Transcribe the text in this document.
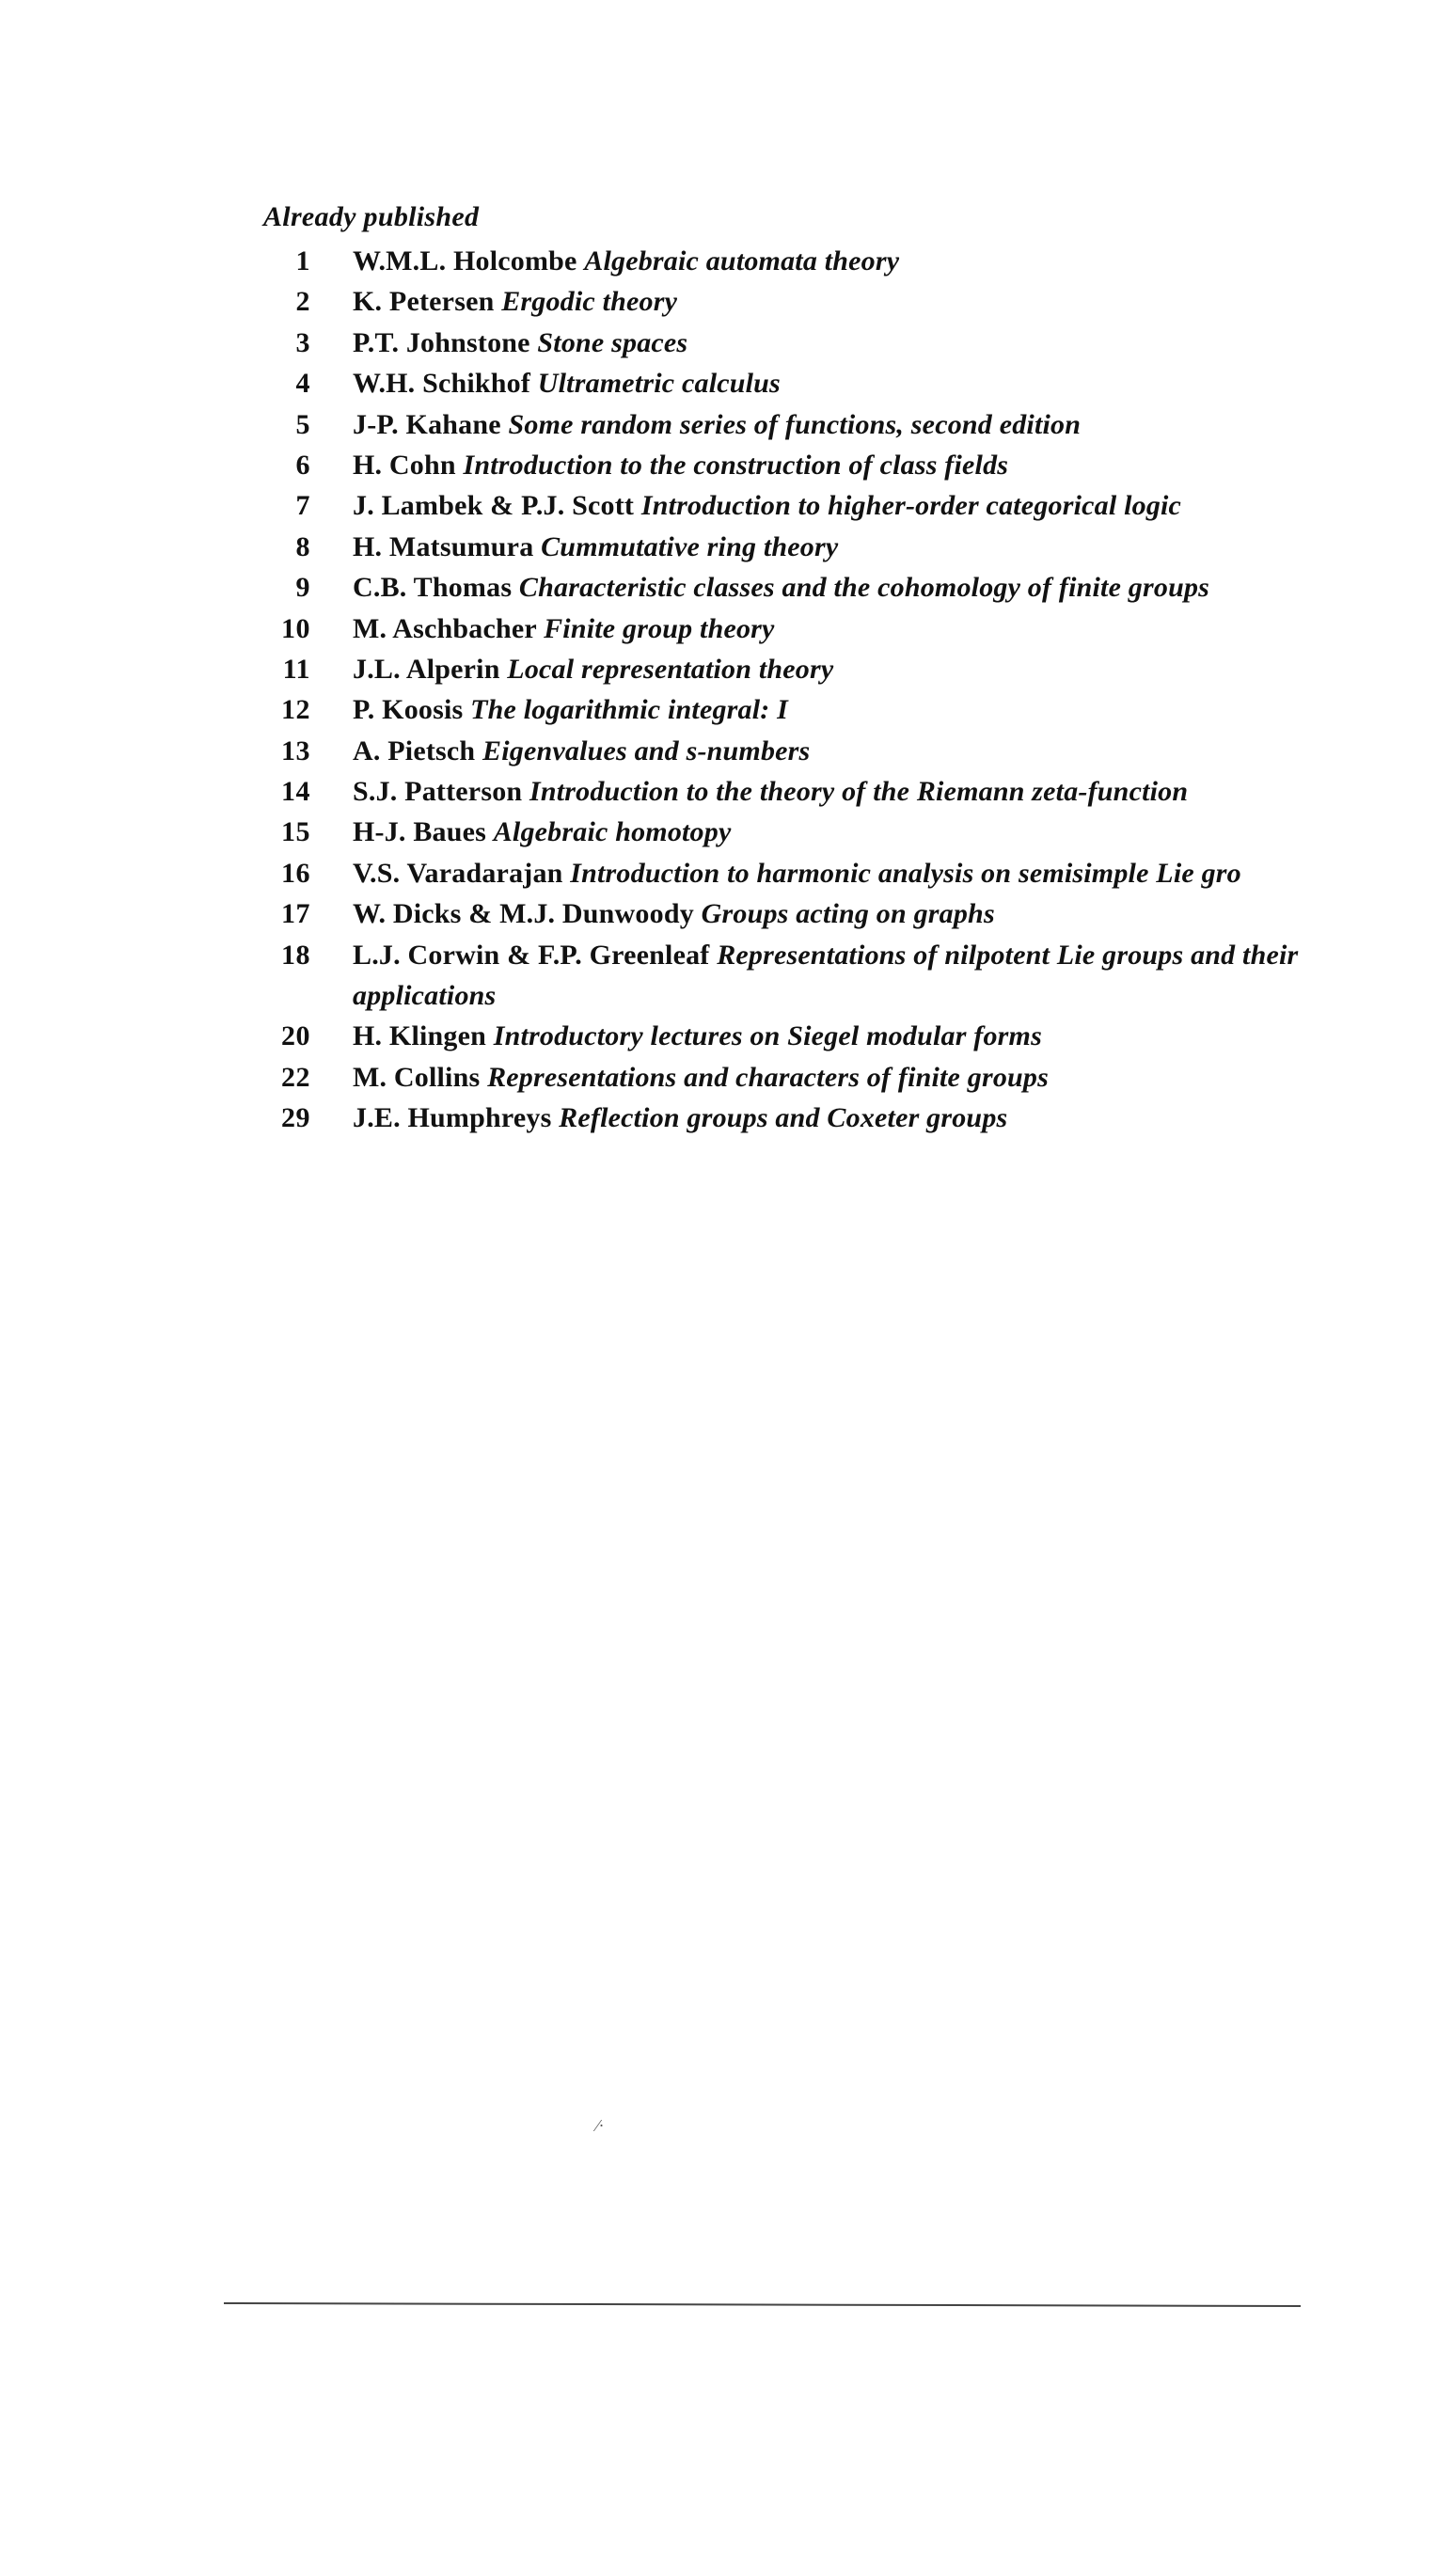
Already published
1 W.M.L. Holcombe Algebraic automata theory
2 K. Petersen Ergodic theory
3 P.T. Johnstone Stone spaces
4 W.H. Schikhof Ultrametric calculus
5 J-P. Kahane Some random series of functions, second edition
6 H. Cohn Introduction to the construction of class fields
7 J. Lambek & P.J. Scott Introduction to higher-order categorical logic
8 H. Matsumura Cummutative ring theory
9 C.B. Thomas Characteristic classes and the cohomology of finite groups
10 M. Aschbacher Finite group theory
11 J.L. Alperin Local representation theory
12 P. Koosis The logarithmic integral: I
13 A. Pietsch Eigenvalues and s-numbers
14 S.J. Patterson Introduction to the theory of the Riemann zeta-function
15 H-J. Baues Algebraic homotopy
16 V.S. Varadarajan Introduction to harmonic analysis on semisimple Lie gro
17 W. Dicks & M.J. Dunwoody Groups acting on graphs
18 L.J. Corwin & F.P. Greenleaf Representations of nilpotent Lie groups and their applications
20 H. Klingen Introductory lectures on Siegel modular forms
22 M. Collins Representations and characters of finite groups
29 J.E. Humphreys Reflection groups and Coxeter groups
⁄·
